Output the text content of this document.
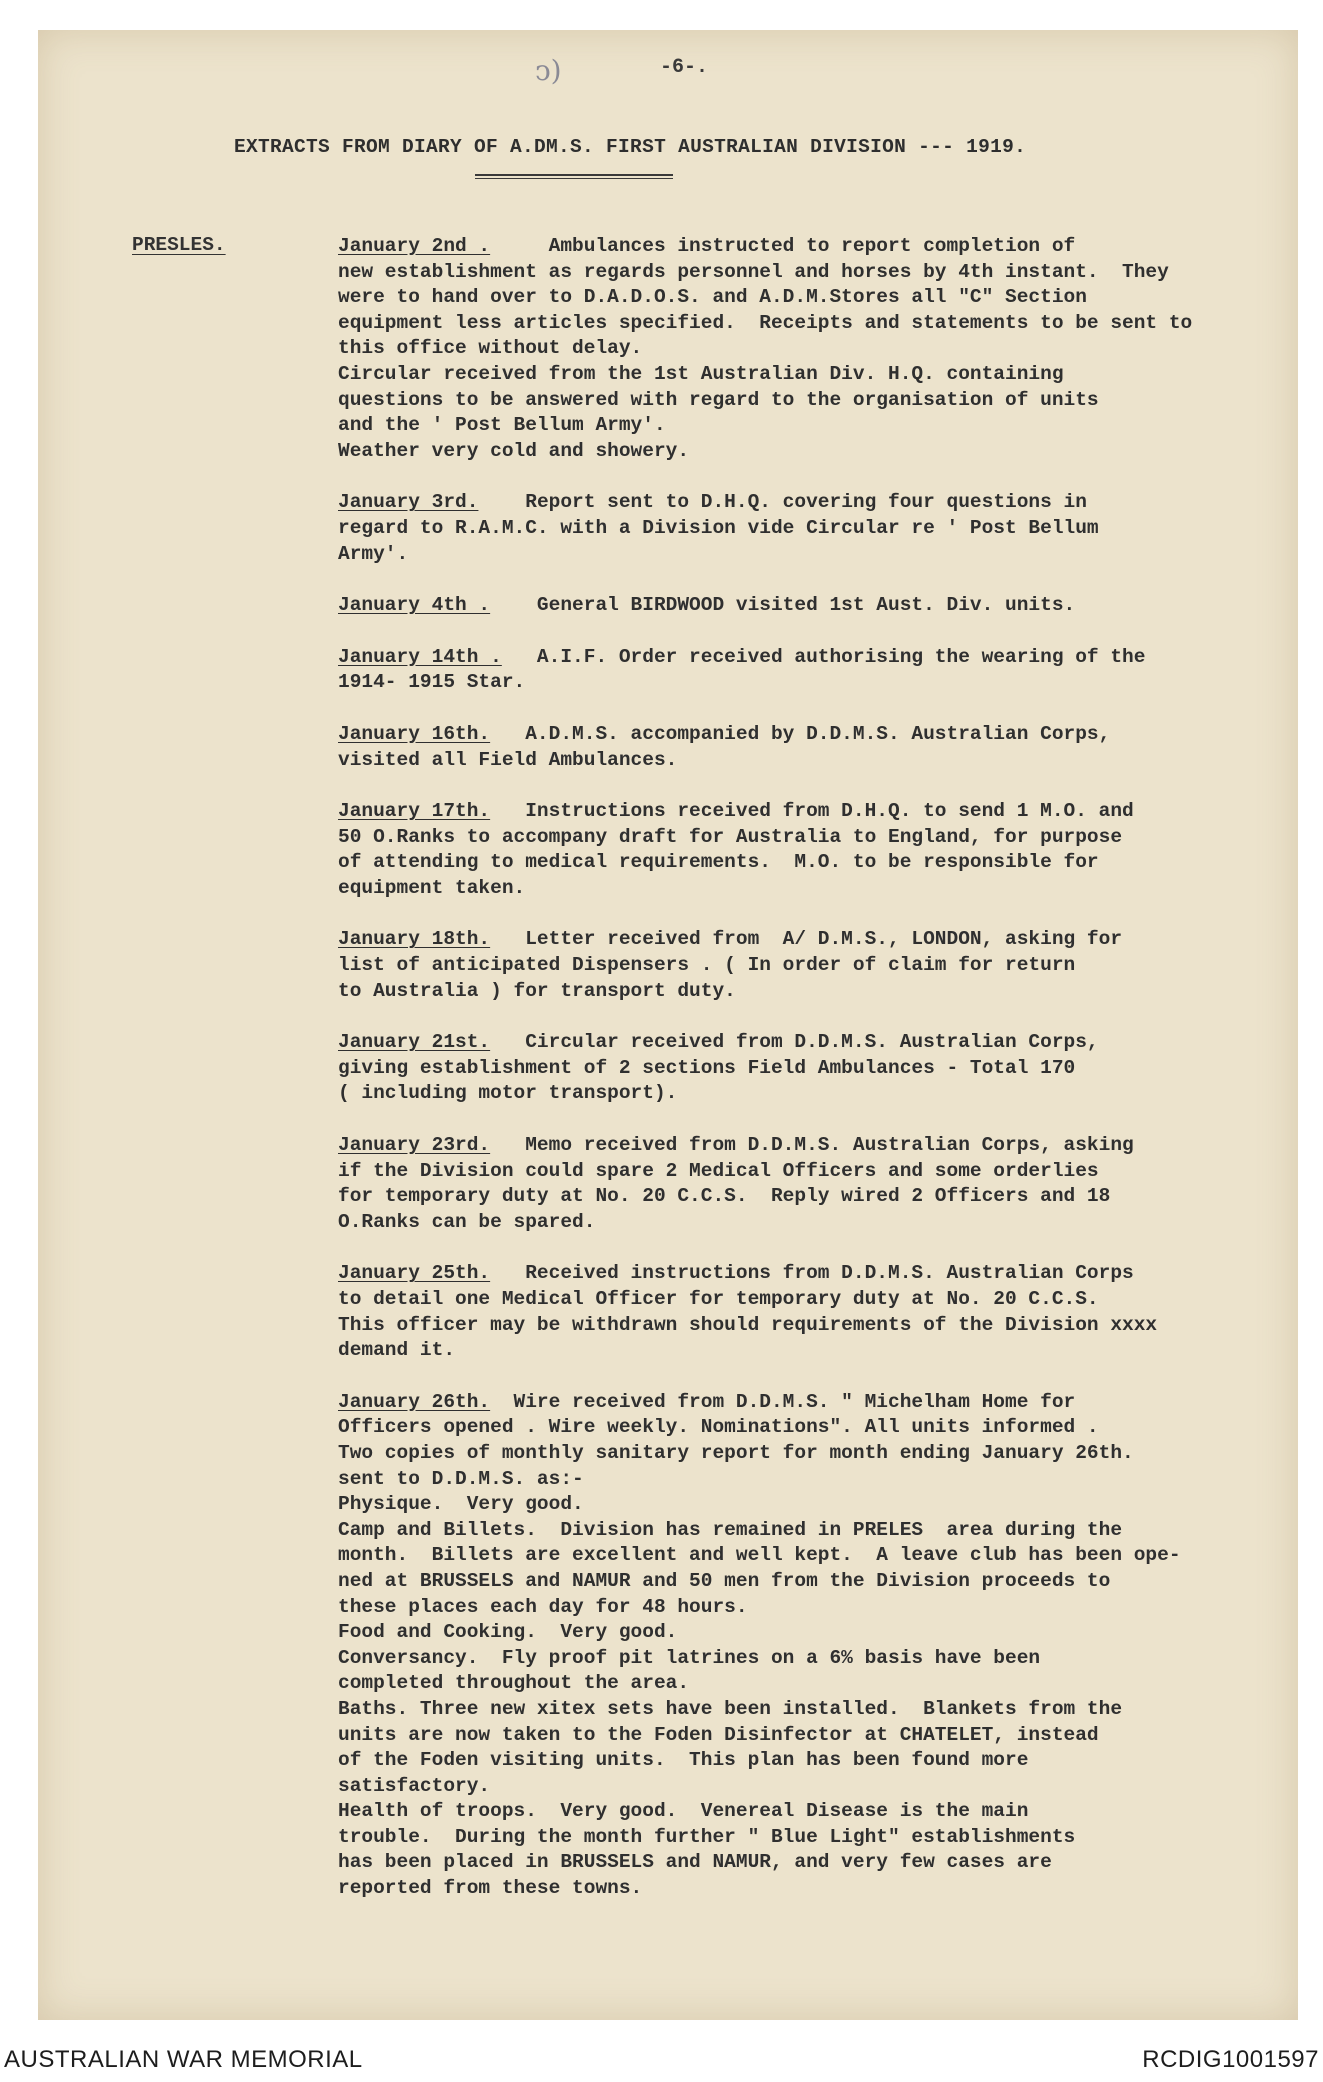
ↄ)	-6-.
EXTRACTS FROM DIARY OF A.DM.S. FIRST AUSTRALIAN DIVISION --- 1919.
PRESLES.	January 2nd .     Ambulances instructed to report completion of

new establishment as regards personnel and horses by 4th instant.  They

were to hand over to D.A.D.O.S. and A.D.M.Stores all "C" Section

equipment less articles specified.  Receipts and statements to be sent to

this office without delay.

Circular received from the 1st Australian Div. H.Q. containing

questions to be answered with regard to the organisation of units

and the ' Post Bellum Army'.

Weather very cold and showery.

January 3rd.    Report sent to D.H.Q. covering four questions in

regard to R.A.M.C. with a Division vide Circular re ' Post Bellum

Army'.

January 4th .    General BIRDWOOD visited 1st Aust. Div. units.

January 14th .   A.I.F. Order received authorising the wearing of the

1914- 1915 Star.

January 16th.   A.D.M.S. accompanied by D.D.M.S. Australian Corps,

visited all Field Ambulances.

January 17th.   Instructions received from D.H.Q. to send 1 M.O. and

50 O.Ranks to accompany draft for Australia to England, for purpose

of attending to medical requirements.  M.O. to be responsible for

equipment taken.

January 18th.   Letter received from  A/ D.M.S., LONDON, asking for

list of anticipated Dispensers . ( In order of claim for return

to Australia ) for transport duty.

January 21st.   Circular received from D.D.M.S. Australian Corps,

giving establishment of 2 sections Field Ambulances - Total 170

( including motor transport).

January 23rd.   Memo received from D.D.M.S. Australian Corps, asking

if the Division could spare 2 Medical Officers and some orderlies

for temporary duty at No. 20 C.C.S.  Reply wired 2 Officers and 18

O.Ranks can be spared.

January 25th.   Received instructions from D.D.M.S. Australian Corps

to detail one Medical Officer for temporary duty at No. 20 C.C.S.

This officer may be withdrawn should requirements of the Division xxxx

demand it.

January 26th.  Wire received from D.D.M.S. " Michelham Home for

Officers opened . Wire weekly. Nominations". All units informed .

Two copies of monthly sanitary report for month ending January 26th.

sent to D.D.M.S. as:-

Physique.  Very good.

Camp and Billets.  Division has remained in PRELES  area during the

month.  Billets are excellent and well kept.  A leave club has been ope-

ned at BRUSSELS and NAMUR and 50 men from the Division proceeds to

these places each day for 48 hours.

Food and Cooking.  Very good.

Conversancy.  Fly proof pit latrines on a 6% basis have been

completed throughout the area.

Baths. Three new xitex sets have been installed.  Blankets from the

units are now taken to the Foden Disinfector at CHATELET, instead

of the Foden visiting units.  This plan has been found more

satisfactory.

Health of troops.  Very good.  Venereal Disease is the main

trouble.  During the month further " Blue Light" establishments

has been placed in BRUSSELS and NAMUR, and very few cases are

reported from these towns.

AUSTRALIAN WAR MEMORIAL	RCDIG1001597
